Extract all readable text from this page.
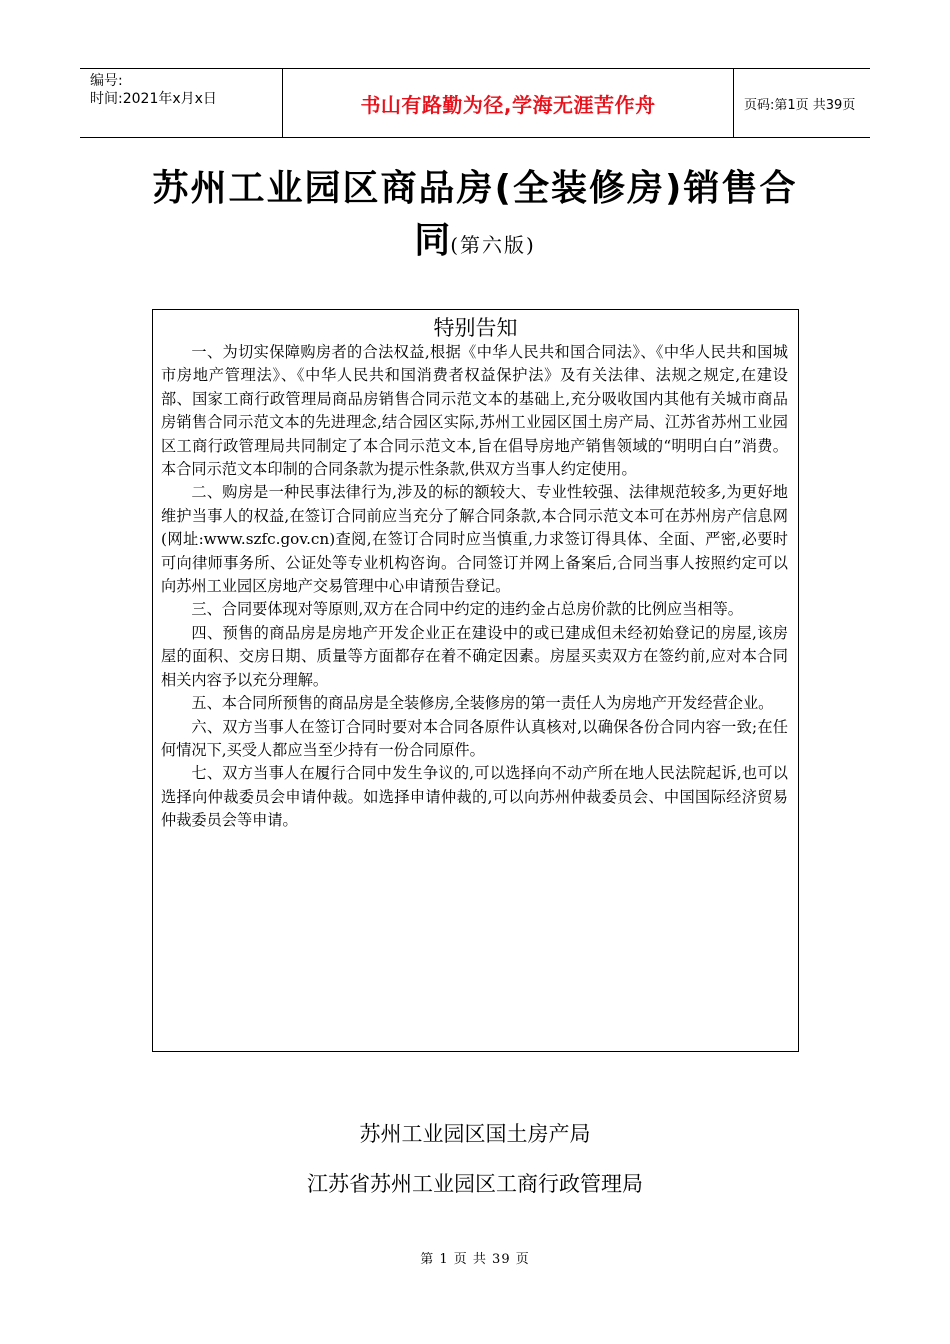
编号:
时间:2021年x月x日	书山有路勤为径,学海无涯苦作舟	页码:第1页 共39页
苏州工业园区商品房(全装修房)销售合
同(第六版)
特别告知

一、为切实保障购房者的合法权益,根据《中华人民共和国合同法》、《中华人民共和国城市房地产管理法》、《中华人民共和国消费者权益保护法》及有关法律、法规之规定,在建设部、国家工商行政管理局商品房销售合同示范文本的基础上,充分吸收国内其他有关城市商品房销售合同示范文本的先进理念,结合园区实际,苏州工业园区国土房产局、江苏省苏州工业园区工商行政管理局共同制定了本合同示范文本,旨在倡导房地产销售领域的“明明白白”消费。本合同示范文本印制的合同条款为提示性条款,供双方当事人约定使用。

二、购房是一种民事法律行为,涉及的标的额较大、专业性较强、法律规范较多,为更好地维护当事人的权益,在签订合同前应当充分了解合同条款,本合同示范文本可在苏州房产信息网(网址:www.szfc.gov.cn)查阅,在签订合同时应当慎重,力求签订得具体、全面、严密,必要时可向律师事务所、公证处等专业机构咨询。合同签订并网上备案后,合同当事人按照约定可以向苏州工业园区房地产交易管理中心申请预告登记。

三、合同要体现对等原则,双方在合同中约定的违约金占总房价款的比例应当相等。

四、预售的商品房是房地产开发企业正在建设中的或已建成但未经初始登记的房屋,该房屋的面积、交房日期、质量等方面都存在着不确定因素。房屋买卖双方在签约前,应对本合同相关内容予以充分理解。

五、本合同所预售的商品房是全装修房,全装修房的第一责任人为房地产开发经营企业。

六、双方当事人在签订合同时要对本合同各原件认真核对,以确保各份合同内容一致;在任何情况下,买受人都应当至少持有一份合同原件。

七、双方当事人在履行合同中发生争议的,可以选择向不动产所在地人民法院起诉,也可以选择向仲裁委员会申请仲裁。如选择申请仲裁的,可以向苏州仲裁委员会、中国国际经济贸易仲裁委员会等申请。

苏州工业园区国土房产局
江苏省苏州工业园区工商行政管理局
第 1 页 共 39 页
